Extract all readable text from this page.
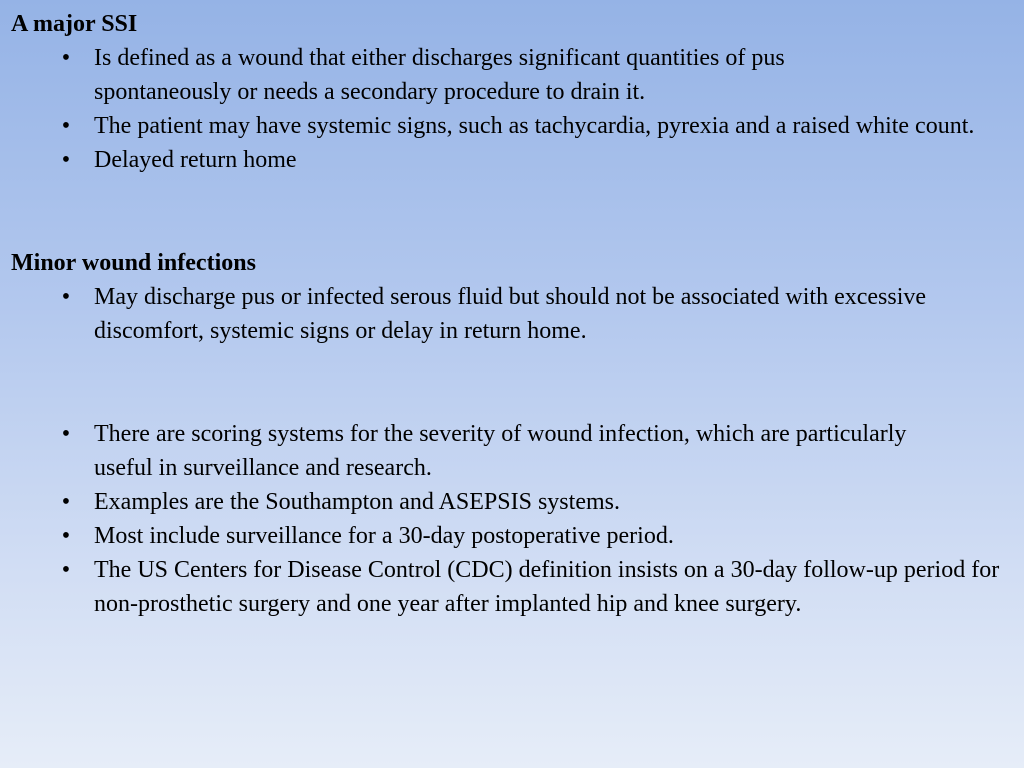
A major SSI
• Is defined as a wound that either discharges significant quantities of pus spontaneously or needs a secondary procedure to drain it.
• The patient may have systemic signs, such as tachycardia, pyrexia and a raised white count.
• Delayed return home
Minor wound infections
• May discharge pus or infected serous fluid but should not be associated with excessive discomfort, systemic signs or delay in return home.
• There are scoring systems for the severity of wound infection, which are particularly useful in surveillance and research.
• Examples are the Southampton and ASEPSIS systems.
• Most include surveillance for a 30-day postoperative period.
• The US Centers for Disease Control (CDC) definition insists on a 30-day follow-up period for non-prosthetic surgery and one year after implanted hip and knee surgery.
